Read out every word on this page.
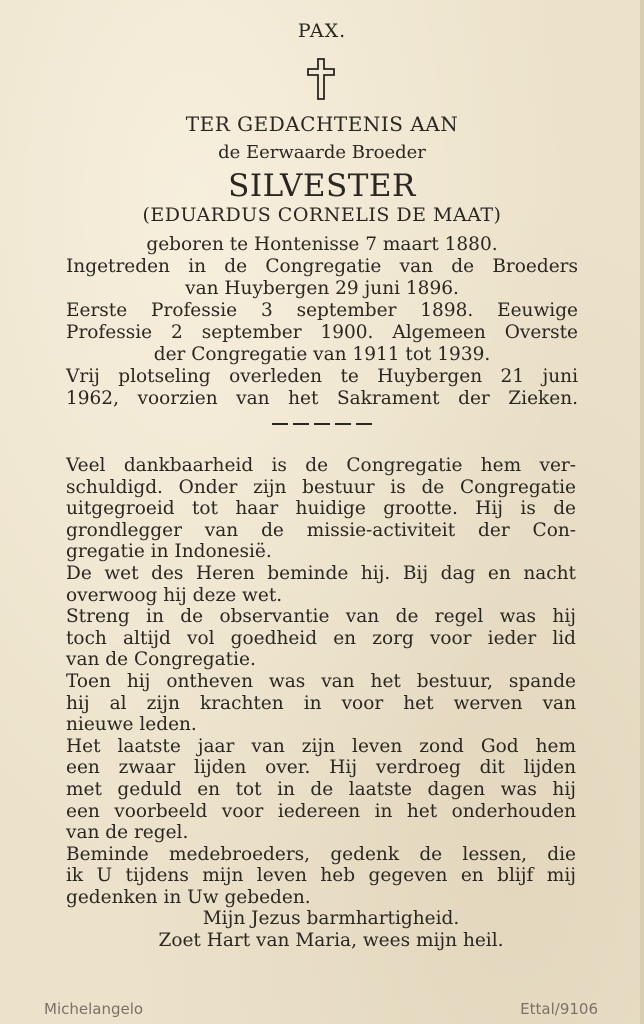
PAX.
TER GEDACHTENIS AAN
de Eerwaarde Broeder
SILVESTER
(EDUARDUS CORNELIS DE MAAT)
geboren te Hontenisse 7 maart 1880.
Ingetreden in de Congregatie van de Broeders
van Huybergen 29 juni 1896.
Eerste Professie 3 september 1898. Eeuwige
Professie 2 september 1900. Algemeen Overste
der Congregatie van 1911 tot 1939.
Vrij plotseling overleden te Huybergen 21 juni
1962, voorzien van het Sakrament der Zieken.
Veel dankbaarheid is de Congregatie hem ver-
schuldigd. Onder zijn bestuur is de Congregatie
uitgegroeid tot haar huidige grootte. Hij is de
grondlegger van de missie-activiteit der Con-
gregatie in Indonesië.
De wet des Heren beminde hij. Bij dag en nacht
overwoog hij deze wet.
Streng in de observantie van de regel was hij
toch altijd vol goedheid en zorg voor ieder lid
van de Congregatie.
Toen hij ontheven was van het bestuur, spande
hij al zijn krachten in voor het werven van
nieuwe leden.
Het laatste jaar van zijn leven zond God hem
een zwaar lijden over. Hij verdroeg dit lijden
met geduld en tot in de laatste dagen was hij
een voorbeeld voor iedereen in het onderhouden
van de regel.
Beminde medebroeders, gedenk de lessen, die
ik U tijdens mijn leven heb gegeven en blijf mij
gedenken in Uw gebeden.
Mijn Jezus barmhartigheid.
Zoet Hart van Maria, wees mijn heil.
Michelangelo	Ettal/9106
